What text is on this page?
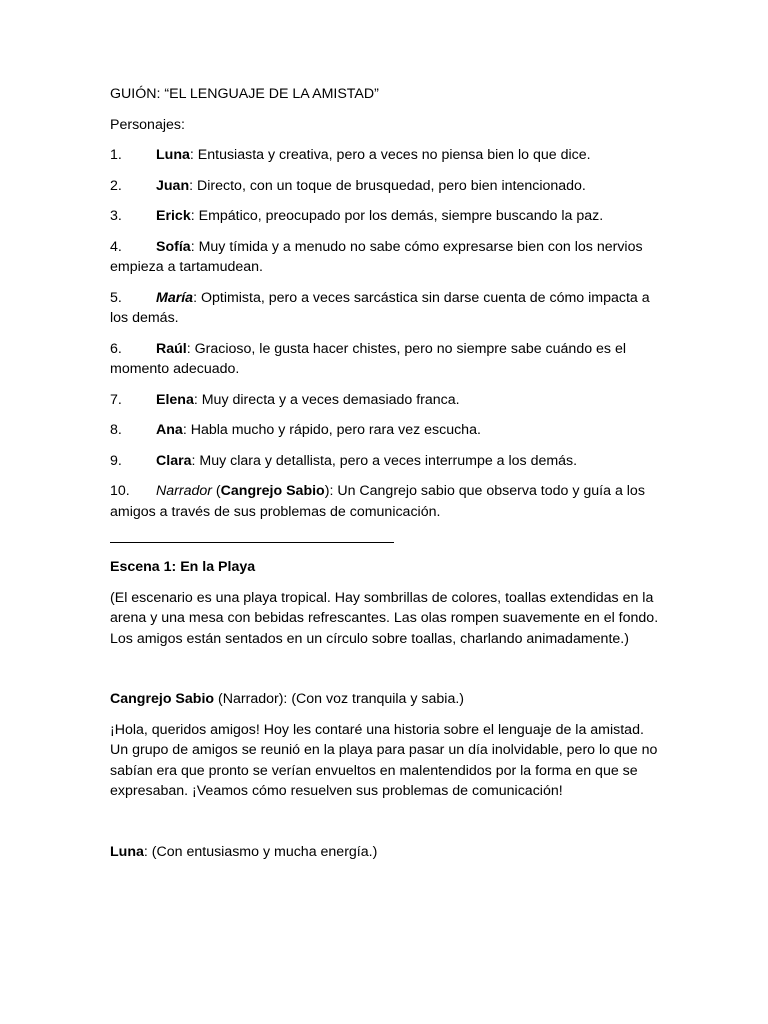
GUIÓN: “EL LENGUAJE DE LA AMISTAD”

Personajes:

1. Luna: Entusiasta y creativa, pero a veces no piensa bien lo que dice.

2. Juan: Directo, con un toque de brusquedad, pero bien intencionado.

3. Erick: Empático, preocupado por los demás, siempre buscando la paz.

4. Sofía: Muy tímida y a menudo no sabe cómo expresarse bien con los nervios empieza a tartamudean.

5. María: Optimista, pero a veces sarcástica sin darse cuenta de cómo impacta a los demás.

6. Raúl: Gracioso, le gusta hacer chistes, pero no siempre sabe cuándo es el momento adecuado.

7. Elena: Muy directa y a veces demasiado franca.

8. Ana: Habla mucho y rápido, pero rara vez escucha.

9. Clara: Muy clara y detallista, pero a veces interrumpe a los demás.

10. Narrador (Cangrejo Sabio): Un Cangrejo sabio que observa todo y guía a los amigos a través de sus problemas de comunicación.

Escena 1: En la Playa

(El escenario es una playa tropical. Hay sombrillas de colores, toallas extendidas en la arena y una mesa con bebidas refrescantes. Las olas rompen suavemente en el fondo. Los amigos están sentados en un círculo sobre toallas, charlando animadamente.)

Cangrejo Sabio (Narrador): (Con voz tranquila y sabia.)

¡Hola, queridos amigos! Hoy les contaré una historia sobre el lenguaje de la amistad. Un grupo de amigos se reunió en la playa para pasar un día inolvidable, pero lo que no sabían era que pronto se verían envueltos en malentendidos por la forma en que se expresaban. ¡Veamos cómo resuelven sus problemas de comunicación!

Luna: (Con entusiasmo y mucha energía.)
